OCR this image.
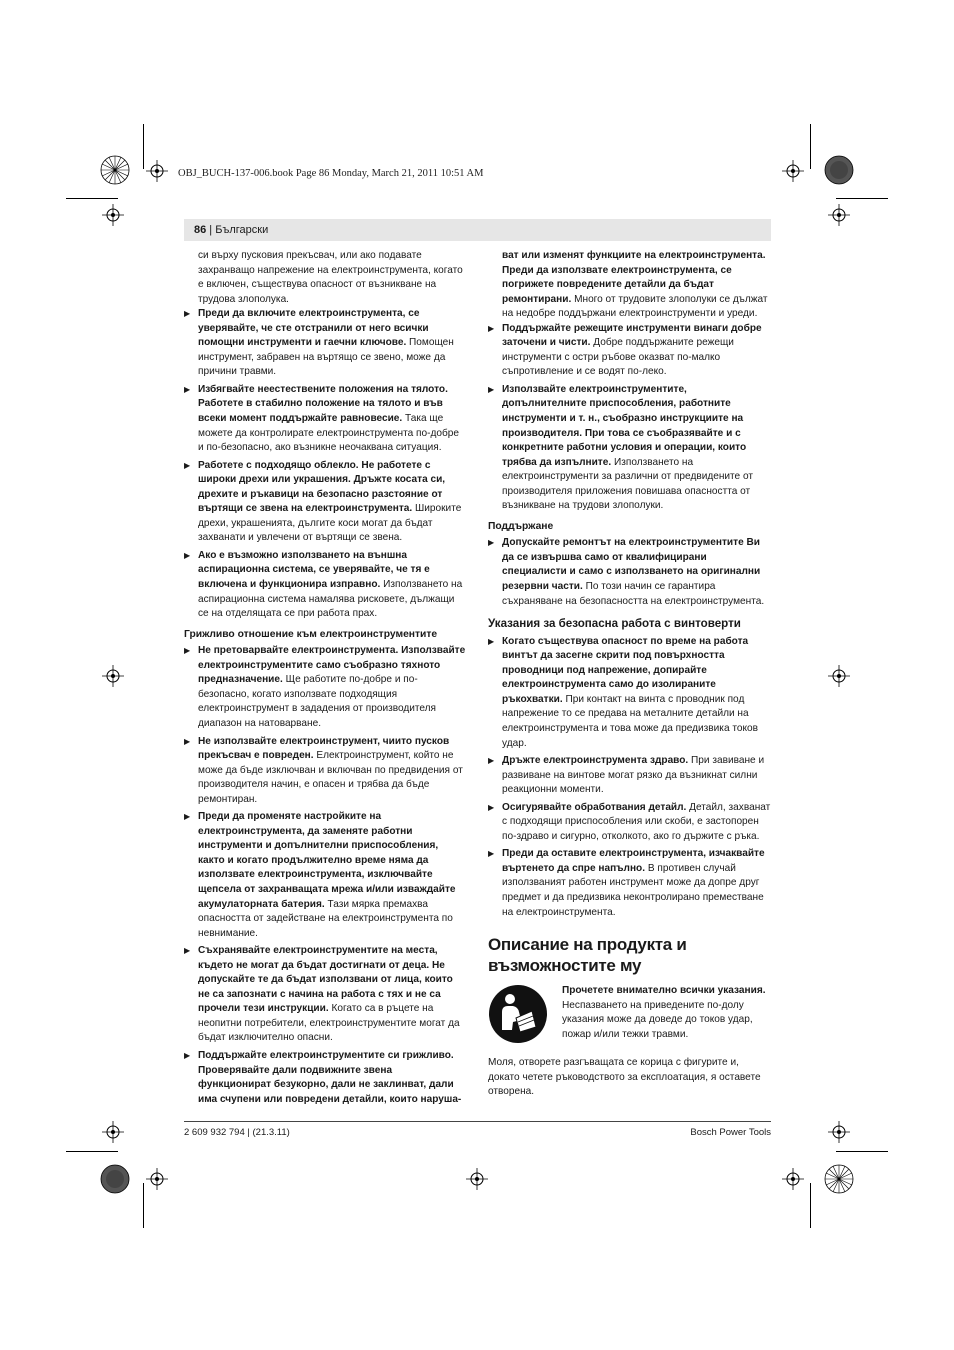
OBJ_BUCH-137-006.book Page 86 Monday, March 21, 2011 10:51 AM
86 | Български

си върху пусковия прекъсвач, или ако подавате захранващо напрежение на електроинструмента, когато е включен, съществува опасност от възникване на трудова злополука.

▶ Преди да включите електроинструмента, се уверявайте, че сте отстранили от него всички помощни инструменти и гаечни ключове. Помощен инструмент, забравен на въртящо се звено, може да причини травми.
▶ Избягвайте неестествените положения на тялото. Работете в стабилно положение на тялото и във всеки момент поддържайте равновесие. Така ще можете да контролирате електроинструмента по-добре и по-безопасно, ако възникне неочаквана ситуация.
▶ Работете с подходящо облекло. Не работете с широки дрехи или украшения. Дръжте косата си, дрехите и ръкавици на безопасно разстояние от въртящи се звена на електроинструмента. Широките дрехи, украшенията, дългите коси могат да бъдат захванати и увлечени от въртящи се звена.
▶ Ако е възможно използването на външна аспирационна система, се уверявайте, че тя е включена и функционира изправно. Използването на аспирационна система намалява рисковете, дължащи се на отделящата се при работа прах.
Грижливо отношение към електроинструментите
▶ Не претоварвайте електроинструмента. Използвайте електроинструментите само съобразно тяхното предназначение. Ще работите по-добре и по-безопасно, когато използвате подходящия електроинструмент в зададения от производителя диапазон на натоварване.
▶ Не използвайте електроинструмент, чиито пусков прекъсвач е повреден. Електроинструмент, който не може да бъде изключван и включван по предвидения от производителя начин, е опасен и трябва да бъде ремонтиран.
▶ Преди да променяте настройките на електроинструмента, да заменяте работни инструменти и допълнителни приспособления, както и когато продължително време няма да използвате електроинструмента, изключвайте щепсела от захранващата мрежа и/или изваждайте акумулаторната батерия. Тази мярка премахва опасността от задействане на електроинструмента по невнимание.
▶ Съхранявайте електроинструментите на места, където не могат да бъдат достигнати от деца. Не допускайте те да бъдат използвани от лица, които не са запознати с начина на работа с тях и не са прочели тези инструкции. Когато са в ръцете на неопитни потребители, електроинструментите могат да бъдат изключително опасни.
▶ Поддържайте електроинструментите си грижливо. Проверявайте дали подвижните звена функционират безукорно, дали не заклинват, дали има счупени или повредени детайли, които наруша-

ват или изменят функциите на електроинструмента. Преди да използвате електроинструмента, се погрижете повредените детайли да бъдат ремонтирани. Много от трудовите злополуки се дължат на недобре поддържани електроинструменти и уреди.

▶ Поддържайте режещите инструменти винаги добре заточени и чисти. Добре поддържаните режещи инструменти с остри ръбове оказват по-малко съпротивление и се водят по-леко.
▶ Използвайте електроинструментите, допълнителните приспособления, работните инструменти и т. н., съобразно инструкциите на производителя. При това се съобразявайте и с конкретните работни условия и операции, които трябва да изпълните. Използването на електроинструменти за различни от предвидените от производителя приложения повишава опасността от възникване на трудови злополуки.
Поддържане
▶ Допускайте ремонтът на електроинструментите Ви да се извършва само от квалифицирани специалисти и само с използването на оригинални резервни части. По този начин се гарантира съхраняване на безопасността на електроинструмента.
Указания за безопасна работа с винтоверти
▶ Когато съществува опасност по време на работа винтът да засегне скрити под повърхността проводници под напрежение, допирайте електроинструмента само до изолираните ръкохватки. При контакт на винта с проводник под напрежение то се предава на металните детайли на електроинструмента и това може да предизвика токов удар.
▶ Дръжте електроинструмента здраво. При завиване и развиване на винтове могат рязко да възникнат силни реакционни моменти.
▶ Осигурявайте обработвания детайл. Детайл, захванат с подходящи приспособления или скоби, е застопорен по-здраво и сигурно, отколкото, ако го държите с ръка.
▶ Преди да оставите електроинструмента, изчаквайте въртенето да спре напълно. В противен случай използваният работен инструмент може да допре друг предмет и да предизвика неконтролирано преместване на електроинструмента.
Описание на продукта и възможностите му

Прочетете внимателно всички указания. Неспазването на приведените по-долу указания може да доведе до токов удар, пожар и/или тежки травми.

Моля, отворете разгъващата се корица с фигурите и, докато четете ръководството за експлоатация, я оставете отворена.

2 609 932 794 | (21.3.11)	Bosch Power Tools
